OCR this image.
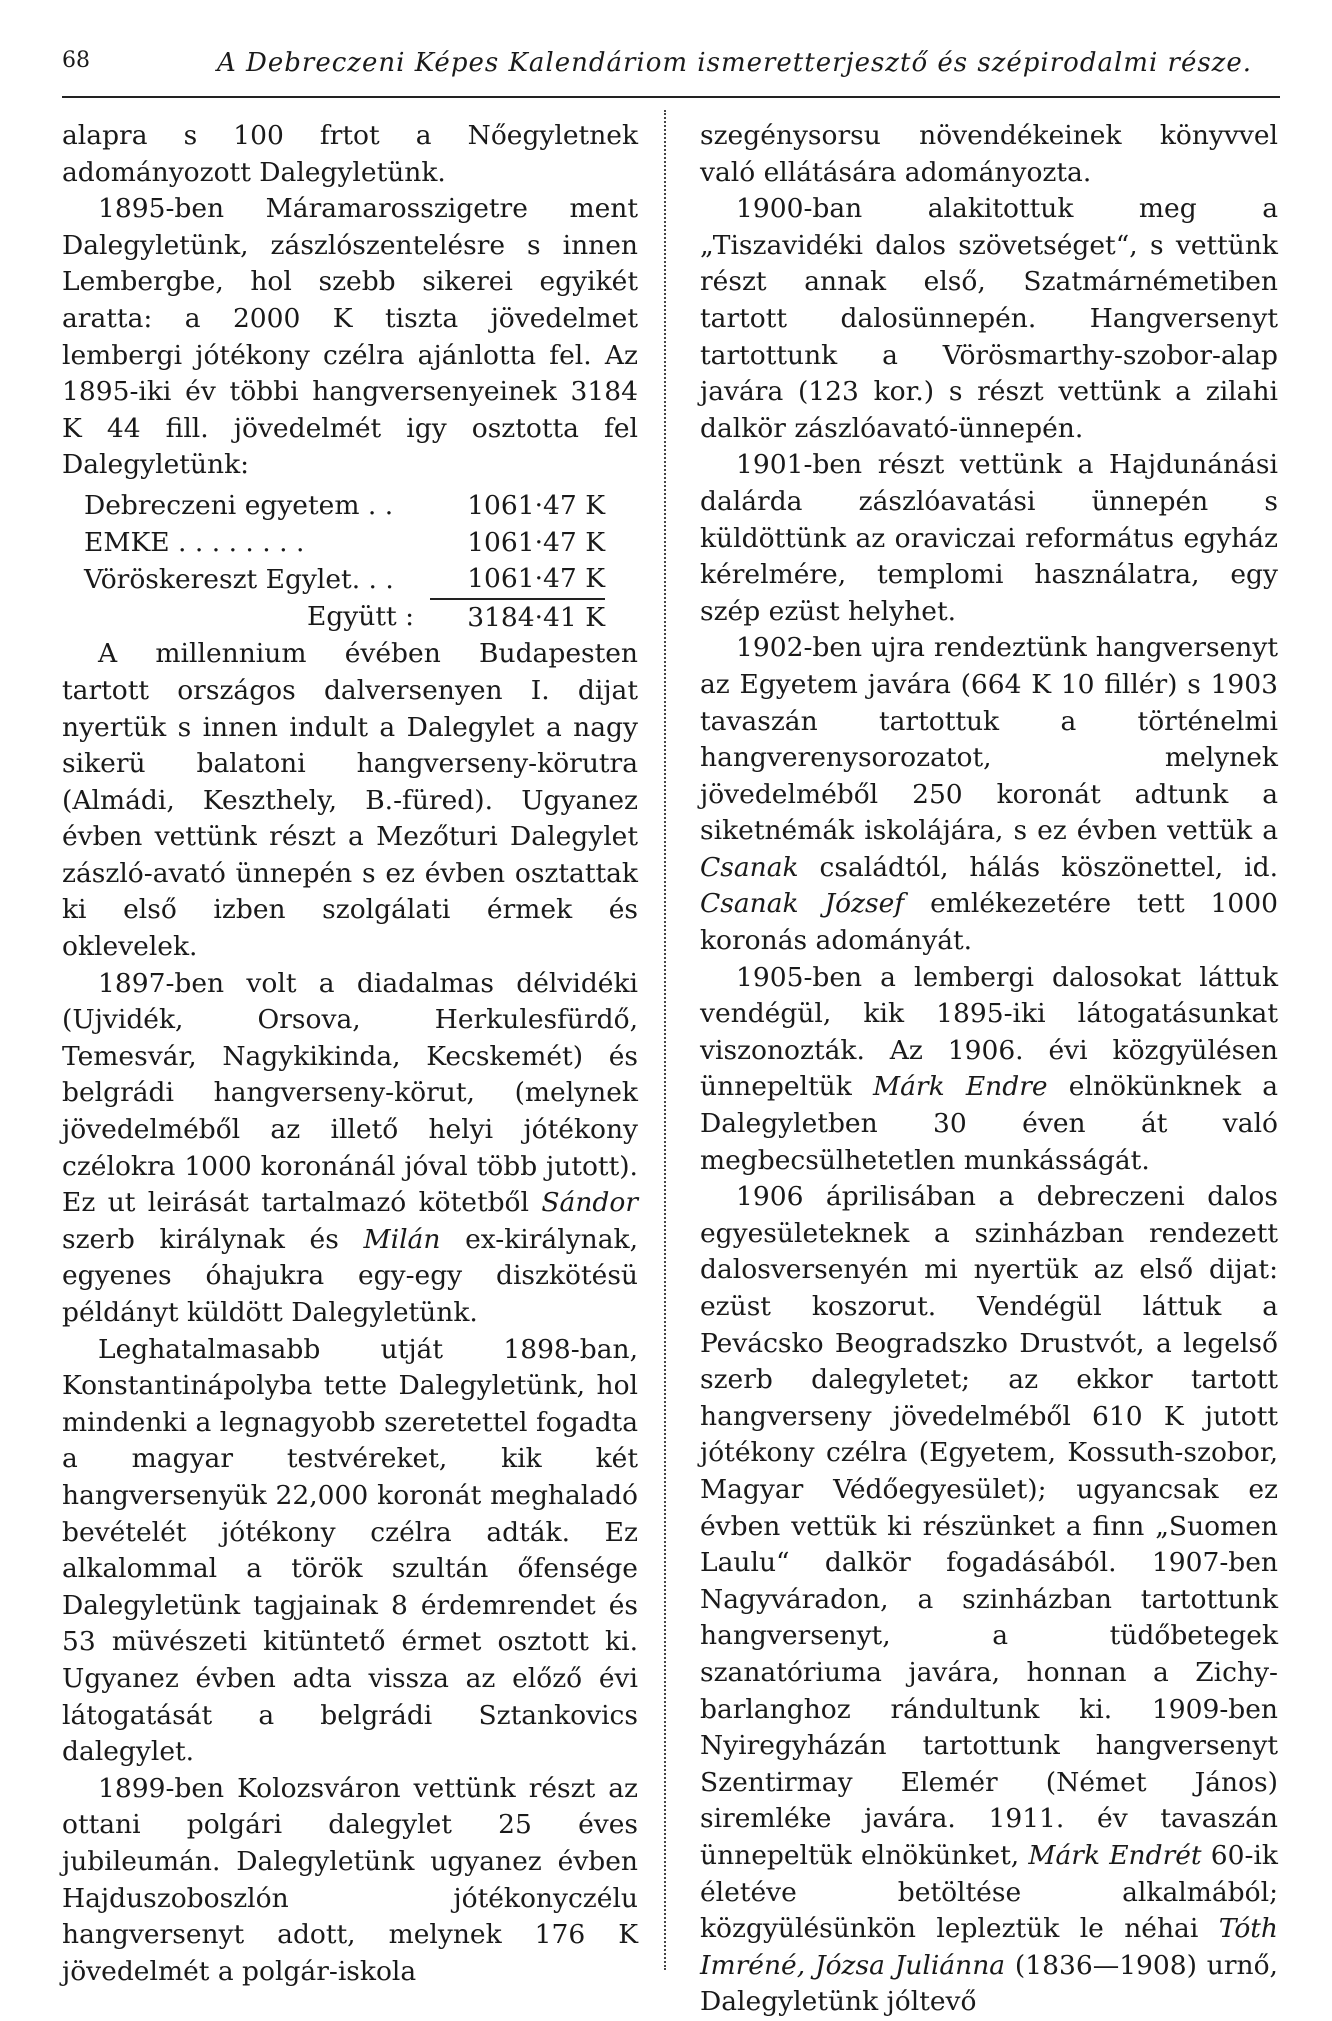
68	A Debreczeni Képes Kalendáriom ismeretterjesztő és szépirodalmi része.

alapra s 100 frtot a Nőegyletnek adományozott Dalegyletünk.

1895-ben Máramarosszigetre ment Dalegyletünk, zászlószentelésre s innen Lembergbe, hol szebb sikerei egyikét aratta: a 2000 K tiszta jövedelmet lembergi jótékony czélra ajánlotta fel. Az 1895-iki év többi hangversenyeinek 3184 K 44 fill. jövedelmét igy osztotta fel Dalegyletünk:

Debreczeni egyetem . .	1061·47 K
EMKE . . . . . . . .	1061·47 K
Vöröskereszt Egylet. . .	1061·47 K
Együtt :	3184·41 K

A millennium évében Budapesten tartott országos dalversenyen I. dijat nyertük s innen indult a Dalegylet a nagy sikerü balatoni hangverseny-körutra (Almádi, Keszthely, B.-füred). Ugyanez évben vettünk részt a Mezőturi Dalegylet zászló-avató ünnepén s ez évben osztattak ki első izben szolgálati érmek és oklevelek.

1897-ben volt a diadalmas délvidéki (Ujvidék, Orsova, Herkulesfürdő, Temesvár, Nagykikinda, Kecskemét) és belgrádi hangverseny-körut, (melynek jövedelméből az illető helyi jótékony czélokra 1000 koronánál jóval több jutott). Ez ut leirását tartalmazó kötetből Sándor szerb királynak és Milán ex-királynak, egyenes óhajukra egy-egy diszkötésü példányt küldött Dalegyletünk.

Leghatalmasabb utját 1898-ban, Konstantinápolyba tette Dalegyletünk, hol mindenki a legnagyobb szeretettel fogadta a magyar testvéreket, kik két hangversenyük 22,000 koronát meghaladó bevételét jótékony czélra adták. Ez alkalommal a török szultán őfensége Dalegyletünk tagjainak 8 érdemrendet és 53 müvészeti kitüntető érmet osztott ki. Ugyanez évben adta vissza az előző évi látogatását a belgrádi Sztankovics dalegylet.

1899-ben Kolozsváron vettünk részt az ottani polgári dalegylet 25 éves jubileumán. Dalegyletünk ugyanez évben Hajduszoboszlón jótékonyczélu hangversenyt adott, melynek 176 K jövedelmét a polgár-iskola

szegénysorsu növendékeinek könyvvel való ellátására adományozta.

1900-ban alakitottuk meg a „Tiszavidéki dalos szövetséget“, s vettünk részt annak első, Szatmárnémetiben tartott dalosünnepén. Hangversenyt tartottunk a Vörösmarthy-szobor-alap javára (123 kor.) s részt vettünk a zilahi dalkör zászlóavató-ünnepén.

1901-ben részt vettünk a Hajdunánási dalárda zászlóavatási ünnepén s küldöttünk az oraviczai református egyház kérelmére, templomi használatra, egy szép ezüst helyhet.

1902-ben ujra rendeztünk hangversenyt az Egyetem javára (664 K 10 fillér) s 1903 tavaszán tartottuk a történelmi hangverenysorozatot, melynek jövedelméből 250 koronát adtunk a siketnémák iskolájára, s ez évben vettük a Csanak családtól, hálás köszönettel, id. Csanak József emlékezetére tett 1000 koronás adományát.

1905-ben a lembergi dalosokat láttuk vendégül, kik 1895-iki látogatásunkat viszonozták. Az 1906. évi közgyülésen ünnepeltük Márk Endre elnökünknek a Dalegyletben 30 éven át való megbecsülhetetlen munkásságát.

1906 áprilisában a debreczeni dalos egyesületeknek a szinházban rendezett dalosversenyén mi nyertük az első dijat: ezüst koszorut. Vendégül láttuk a Pevácsko Beogradszko Drustvót, a legelső szerb dalegyletet; az ekkor tartott hangverseny jövedelméből 610 K jutott jótékony czélra (Egyetem, Kossuth-szobor, Magyar Védőegyesület); ugyancsak ez évben vettük ki részünket a finn „Suomen Laulu“ dalkör fogadásából. 1907-ben Nagyváradon, a szinházban tartottunk hangversenyt, a tüdőbetegek szanatóriuma javára, honnan a Zichy-barlanghoz rándultunk ki. 1909-ben Nyiregyházán tartottunk hangversenyt Szentirmay Elemér (Német János) siremléke javára. 1911. év tavaszán ünnepeltük elnökünket, Márk Endrét 60-ik életéve betöltése alkalmából; közgyülésünkön lepleztük le néhai Tóth Imréné, Józsa Juliánna (1836—1908) urnő, Dalegyletünk jóltevő
